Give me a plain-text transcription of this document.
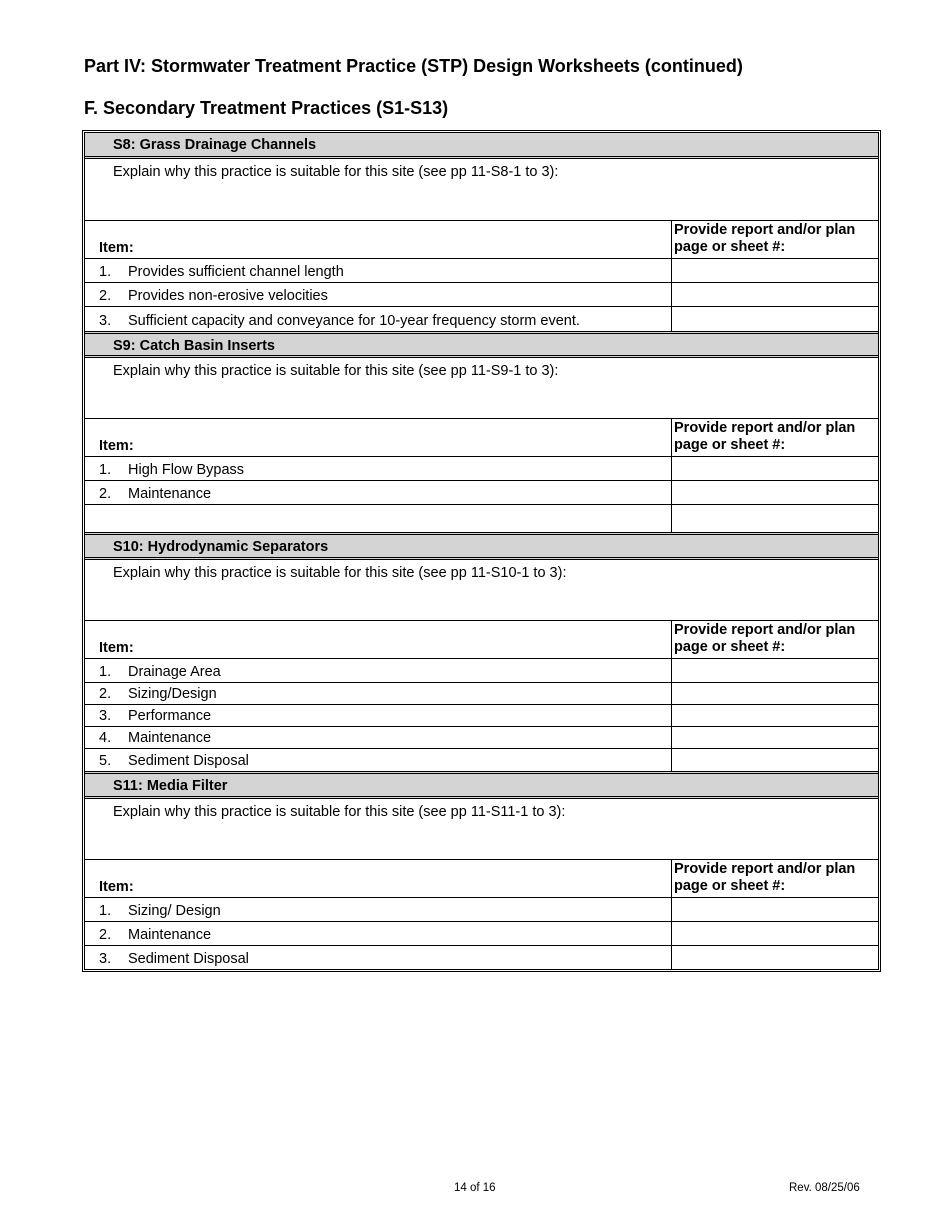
Part IV: Stormwater Treatment Practice (STP) Design Worksheets (continued)
F. Secondary Treatment Practices (S1-S13)
S8: Grass Drainage Channels
Explain why this practice is suitable for this site (see pp 11-S8-1 to 3):
Item:
Provide report and/or plan
page or sheet #:
1. Provides sufficient channel length
2. Provides non-erosive velocities
3. Sufficient capacity and conveyance for 10-year frequency storm event.
S9: Catch Basin Inserts
Explain why this practice is suitable for this site (see pp 11-S9-1 to 3):
Item:
Provide report and/or plan
page or sheet #:
1. High Flow Bypass
2. Maintenance
S10: Hydrodynamic Separators
Explain why this practice is suitable for this site (see pp 11-S10-1 to 3):
Item:
Provide report and/or plan
page or sheet #:
1. Drainage Area
2. Sizing/Design
3. Performance
4. Maintenance
5. Sediment Disposal
S11: Media Filter
Explain why this practice is suitable for this site (see pp 11-S11-1 to 3):
Item:
Provide report and/or plan
page or sheet #:
1. Sizing/ Design
2. Maintenance
3. Sediment Disposal
14 of 16	Rev. 08/25/06
